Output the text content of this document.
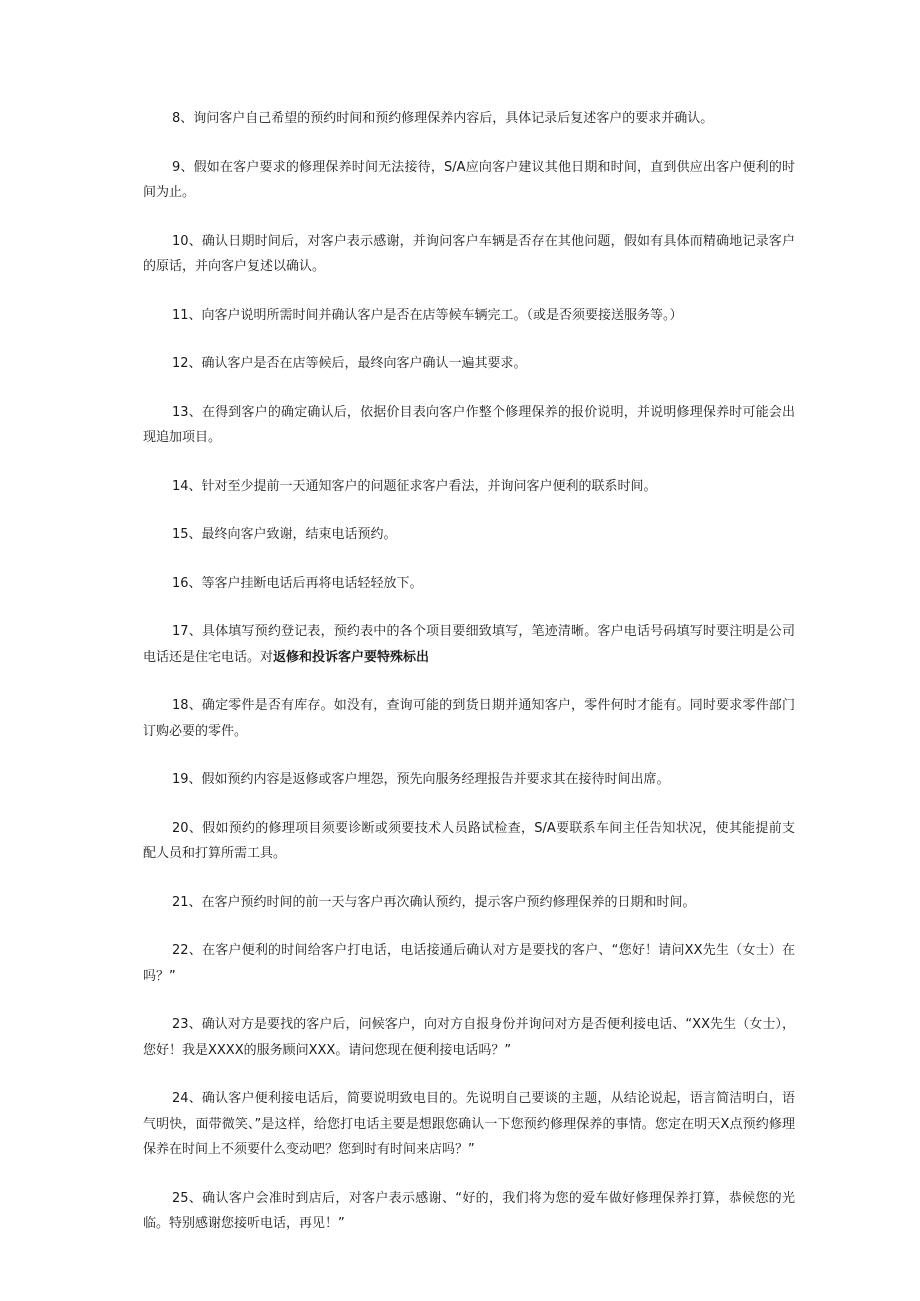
8、询问客户自己希望的预约时间和预约修理保养内容后，具体记录后复述客户的要求并确认。

9、假如在客户要求的修理保养时间无法接待，S/A应向客户建议其他日期和时间，直到供应出客户便利的时间为止。

10、确认日期时间后，对客户表示感谢，并询问客户车辆是否存在其他问题，假如有具体而精确地记录客户的原话，并向客户复述以确认。

11、向客户说明所需时间并确认客户是否在店等候车辆完工。（或是否须要接送服务等。）

12、确认客户是否在店等候后，最终向客户确认一遍其要求。

13、在得到客户的确定确认后，依据价目表向客户作整个修理保养的报价说明，并说明修理保养时可能会出现追加项目。

14、针对至少提前一天通知客户的问题征求客户看法，并询问客户便利的联系时间。

15、最终向客户致谢，结束电话预约。

16、等客户挂断电话后再将电话轻轻放下。

17、具体填写预约登记表，预约表中的各个项目要细致填写，笔迹清晰。客户电话号码填写时要注明是公司电话还是住宅电话。对返修和投诉客户要特殊标出

18、确定零件是否有库存。如没有，查询可能的到货日期并通知客户，零件何时才能有。同时要求零件部门订购必要的零件。

19、假如预约内容是返修或客户埋怨，预先向服务经理报告并要求其在接待时间出席。

20、假如预约的修理项目须要诊断或须要技术人员路试检查，S/A要联系车间主任告知状况，使其能提前支配人员和打算所需工具。

21、在客户预约时间的前一天与客户再次确认预约，提示客户预约修理保养的日期和时间。

22、在客户便利的时间给客户打电话，电话接通后确认对方是要找的客户、“您好！请问XX先生（女士）在吗？”

23、确认对方是要找的客户后，问候客户，向对方自报身份并询问对方是否便利接电话、“XX先生（女士），您好！我是XXXX的服务顾问XXX。请问您现在便利接电话吗？”

24、确认客户便利接电话后，简要说明致电目的。先说明自己要谈的主题，从结论说起，语言简洁明白，语气明快，面带微笑、”是这样，给您打电话主要是想跟您确认一下您预约修理保养的事情。您定在明天X点预约修理保养在时间上不须要什么变动吧？您到时有时间来店吗？”

25、确认客户会准时到店后，对客户表示感谢、“好的，我们将为您的爱车做好修理保养打算，恭候您的光临。特别感谢您接听电话，再见！”
